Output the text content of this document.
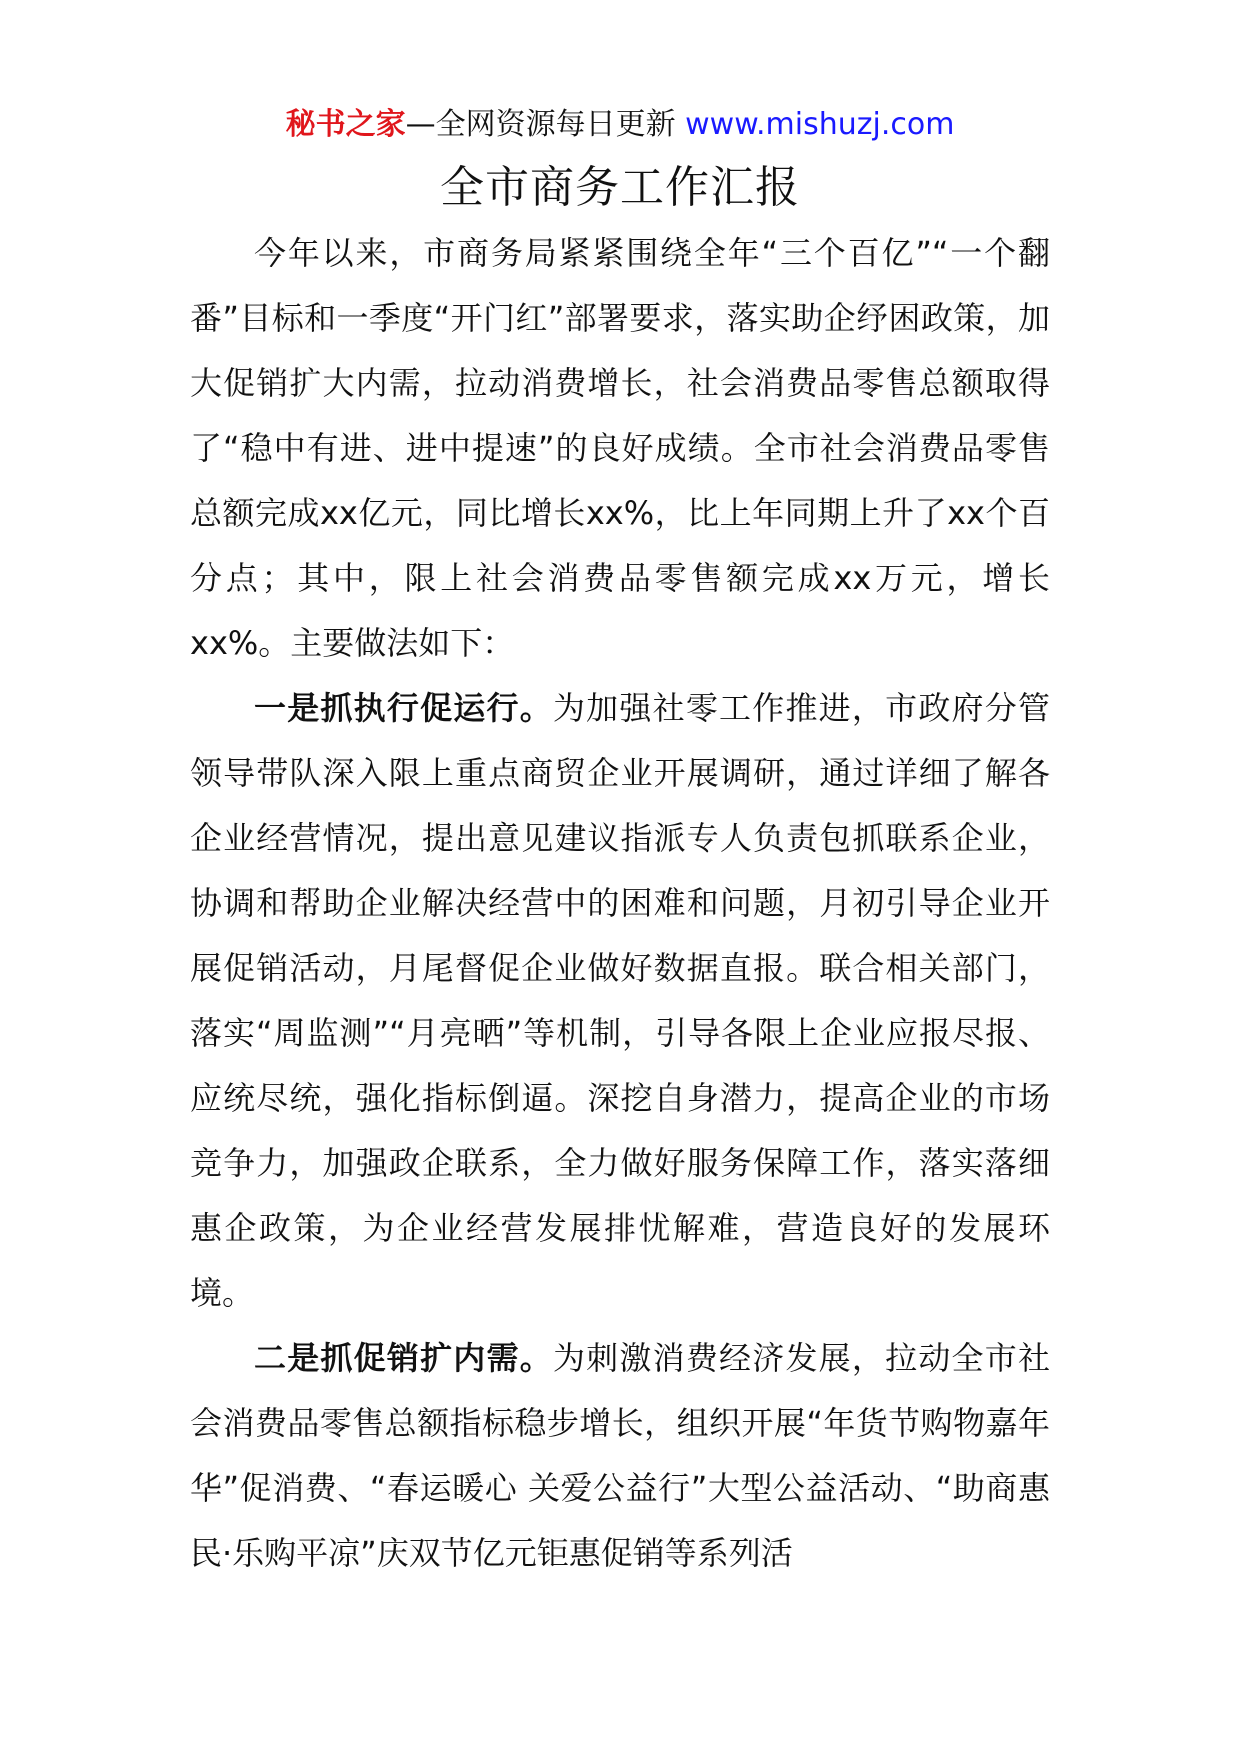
秘书之家—全网资源每日更新 www.mishuzj.com
全市商务工作汇报

今年以来，市商务局紧紧围绕全年“三个百亿”“一个翻番”目标和一季度“开门红”部署要求，落实助企纾困政策，加大促销扩大内需，拉动消费增长，社会消费品零售总额取得了“稳中有进、进中提速”的良好成绩。全市社会消费品零售总额完成xx亿元，同比增长xx%，比上年同期上升了xx个百分点；其中，限上社会消费品零售额完成xx万元，增长xx%。主要做法如下：

一是抓执行促运行。为加强社零工作推进，市政府分管领导带队深入限上重点商贸企业开展调研，通过详细了解各企业经营情况，提出意见建议指派专人负责包抓联系企业，协调和帮助企业解决经营中的困难和问题，月初引导企业开展促销活动，月尾督促企业做好数据直报。联合相关部门，落实“周监测”“月亮晒”等机制，引导各限上企业应报尽报、应统尽统，强化指标倒逼。深挖自身潜力，提高企业的市场竞争力，加强政企联系，全力做好服务保障工作，落实落细惠企政策，为企业经营发展排忧解难，营造良好的发展环境。

二是抓促销扩内需。为刺激消费经济发展，拉动全市社会消费品零售总额指标稳步增长，组织开展“年货节购物嘉年华”促消费、“春运暖心 关爱公益行”大型公益活动、“助商惠民·乐购平凉”庆双节亿元钜惠促销等系列活
